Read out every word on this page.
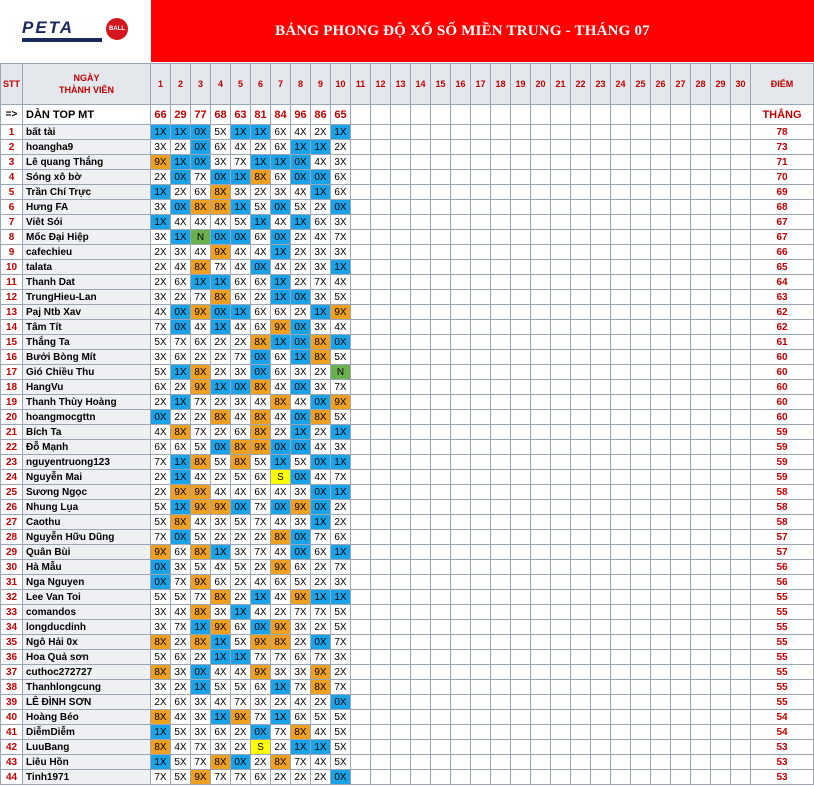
PETA
TOTO PLAY
BALL	BẢNG PHONG ĐỘ XỔ SỐ MIỀN TRUNG - THÁNG 07
STT	NGÀY
THÀNH VIÊN	1	2	3	4	5	6	7	8	9	10	11	12	13	14	15	16	17	18	19	20	21	22	23	24	25	26	27	28	29	30	ĐIỂM
=>	DÀN TOP MT	66	29	77	68	63	81	84	96	86	65																					THẮNG
1	bất tài	1X	1X	0X	5X	1X	1X	6X	4X	2X	1X																					78
2	hoangha9	3X	2X	0X	6X	4X	2X	6X	1X	1X	2X																					73
3	Lê quang Thắng	9X	1X	0X	3X	7X	1X	1X	0X	4X	3X																					71
4	Sóng xô bờ	2X	0X	7X	0X	1X	8X	6X	0X	0X	6X																					70
5	Trần Chí Trực	1X	2X	6X	8X	3X	2X	3X	4X	1X	6X																					69
6	Hưng FA	3X	0X	8X	8X	1X	5X	0X	5X	2X	0X																					68
7	Viêt Sói	1X	4X	4X	4X	5X	1X	4X	1X	6X	3X																					67
8	Mốc Đại Hiệp	3X	1X	N	0X	0X	6X	0X	2X	4X	7X																					67
9	cafechieu	2X	3X	4X	9X	4X	4X	1X	2X	3X	3X																					66
10	talata	2X	4X	8X	7X	4X	0X	4X	2X	3X	1X																					65
11	Thanh Dat	2X	6X	1X	1X	6X	6X	1X	2X	7X	4X																					64
12	TrungHieu-Lan	3X	2X	7X	8X	6X	2X	1X	0X	3X	5X																					63
13	Paj Ntb Xav	4X	0X	9X	0X	1X	6X	6X	2X	1X	9X																					62
14	Tâm Tít	7X	0X	4X	1X	4X	6X	9X	0X	3X	4X																					62
15	Thắng Ta	5X	7X	6X	2X	2X	8X	1X	0X	8X	0X																					61
16	Bưởi Bòng Mít	3X	6X	2X	2X	7X	0X	6X	1X	8X	5X																					60
17	Gió Chiều Thu	5X	1X	8X	2X	3X	0X	6X	3X	2X	N																					60
18	HangVu	6X	2X	9X	1X	0X	8X	4X	0X	3X	7X																					60
19	Thanh Thùy Hoàng	2X	1X	7X	2X	3X	4X	8X	4X	0X	9X																					60
20	hoangmocgttn	0X	2X	2X	8X	4X	8X	4X	0X	8X	5X																					60
21	Bích Ta	4X	8X	7X	2X	6X	8X	2X	1X	2X	1X																					59
22	Đỗ Mạnh	6X	6X	5X	0X	8X	9X	0X	0X	4X	3X																					59
23	nguyentruong123	7X	1X	8X	5X	8X	5X	1X	5X	0X	1X																					59
24	Nguyễn Mai	2X	1X	4X	2X	5X	6X	S	0X	4X	7X																					59
25	Sương Ngọc	2X	9X	9X	4X	4X	6X	4X	3X	0X	1X																					58
26	Nhung Lụa	5X	1X	9X	9X	0X	7X	0X	9X	0X	2X																					58
27	Caothu	5X	8X	4X	3X	5X	7X	4X	3X	1X	2X																					58
28	Nguyễn Hữu Dũng	7X	0X	5X	2X	2X	2X	8X	0X	7X	6X																					57
29	Quân Bùi	9X	6X	8X	1X	3X	7X	4X	0X	6X	1X																					57
30	Hà Mẫu	0X	3X	5X	4X	5X	2X	9X	6X	2X	7X																					56
31	Nga Nguyen	0X	7X	9X	6X	2X	4X	6X	5X	2X	3X																					56
32	Lee Van Toi	5X	5X	7X	8X	2X	1X	4X	9X	1X	1X																					55
33	comandos	3X	4X	8X	3X	1X	4X	2X	7X	7X	5X																					55
34	longducdinh	3X	7X	1X	9X	6X	0X	9X	3X	2X	5X																					55
35	Ngô Hải 0x	8X	2X	8X	1X	5X	9X	8X	2X	0X	7X																					55
36	Hoa Quả sơn	5X	6X	2X	1X	1X	7X	7X	6X	7X	3X																					55
37	cuthoc272727	8X	3X	0X	4X	4X	9X	3X	3X	9X	2X																					55
38	Thanhlongcung	3X	2X	1X	5X	5X	6X	1X	7X	8X	7X																					55
39	LÊ ĐÌNH SƠN	2X	6X	3X	4X	7X	3X	2X	4X	2X	0X																					55
40	Hoàng Béo	8X	4X	3X	1X	9X	7X	1X	6X	5X	5X																					54
41	DiễmDiễm	1X	5X	3X	6X	2X	0X	7X	8X	4X	5X																					54
42	LuuBang	8X	4X	7X	3X	2X	S	2X	1X	1X	5X																					53
43	Liêu Hồn	1X	5X	7X	8X	0X	2X	8X	7X	4X	5X																					53
44	Tinh1971	7X	5X	9X	7X	7X	6X	2X	2X	2X	0X																					53
